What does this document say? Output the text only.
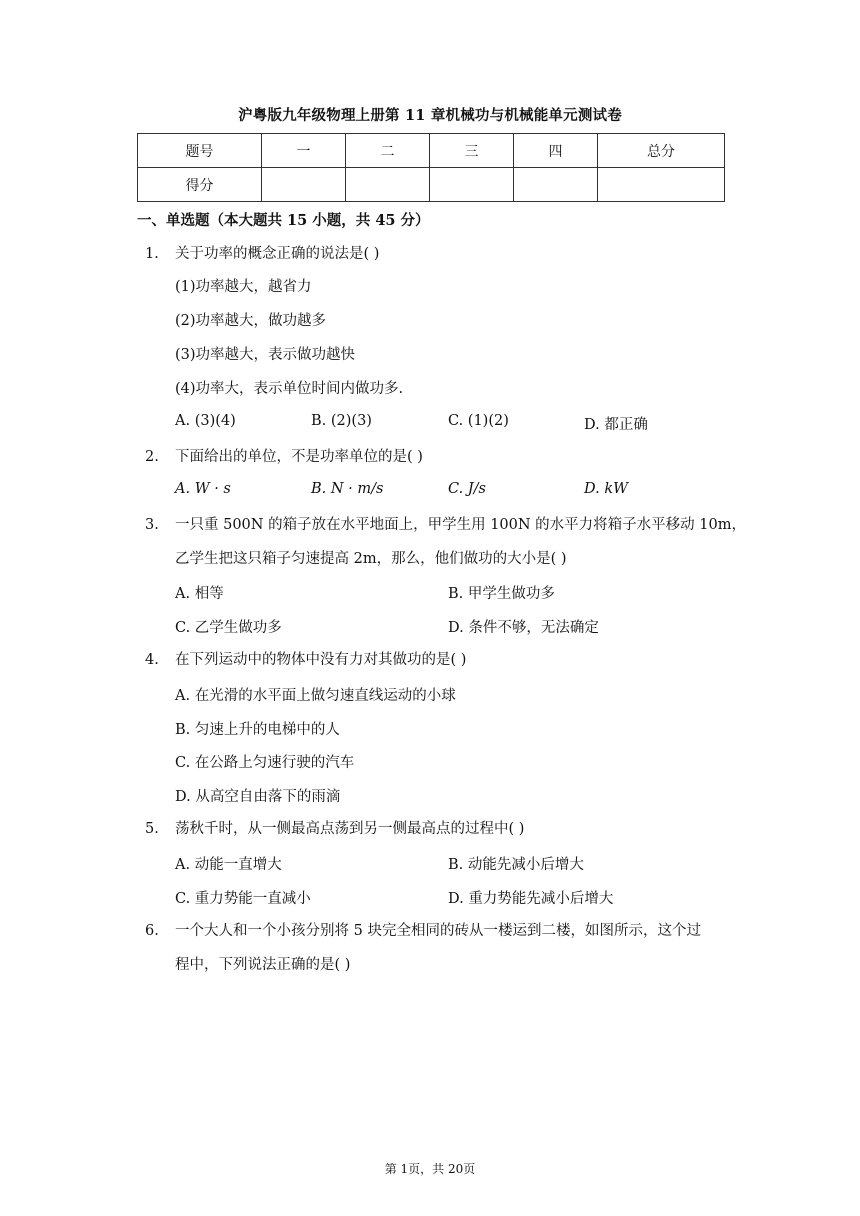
沪粤版九年级物理上册第 11 章机械功与机械能单元测试卷
题号	一	二	三	四	总分
得分					
一、单选题（本大题共 15 小题，共 45 分）
1. 关于功率的概念正确的说法是( )
(1)功率越大，越省力
(2)功率越大，做功越多
(3)功率越大，表示做功越快
(4)功率大，表示单位时间内做功多.
A. (3)(4)	B. (2)(3)	C. (1)(2)	D. 都正确
2. 下面给出的单位，不是功率单位的是( )
A. W · s	B. N · m/s	C. J/s	D. kW
3. 一只重 500N 的箱子放在水平地面上，甲学生用 100N 的水平力将箱子水平移动 10m，
乙学生把这只箱子匀速提高 2m，那么，他们做功的大小是( )
A. 相等	B. 甲学生做功多
C. 乙学生做功多	D. 条件不够，无法确定
4. 在下列运动中的物体中没有力对其做功的是( )
A. 在光滑的水平面上做匀速直线运动的小球
B. 匀速上升的电梯中的人
C. 在公路上匀速行驶的汽车
D. 从高空自由落下的雨滴
5. 荡秋千时，从一侧最高点荡到另一侧最高点的过程中( )
A. 动能一直增大	B. 动能先减小后增大
C. 重力势能一直减小	D. 重力势能先减小后增大
6. 一个大人和一个小孩分别将 5 块完全相同的砖从一楼运到二楼，如图所示，这个过
程中，下列说法正确的是( )
第 1页，共 20页
